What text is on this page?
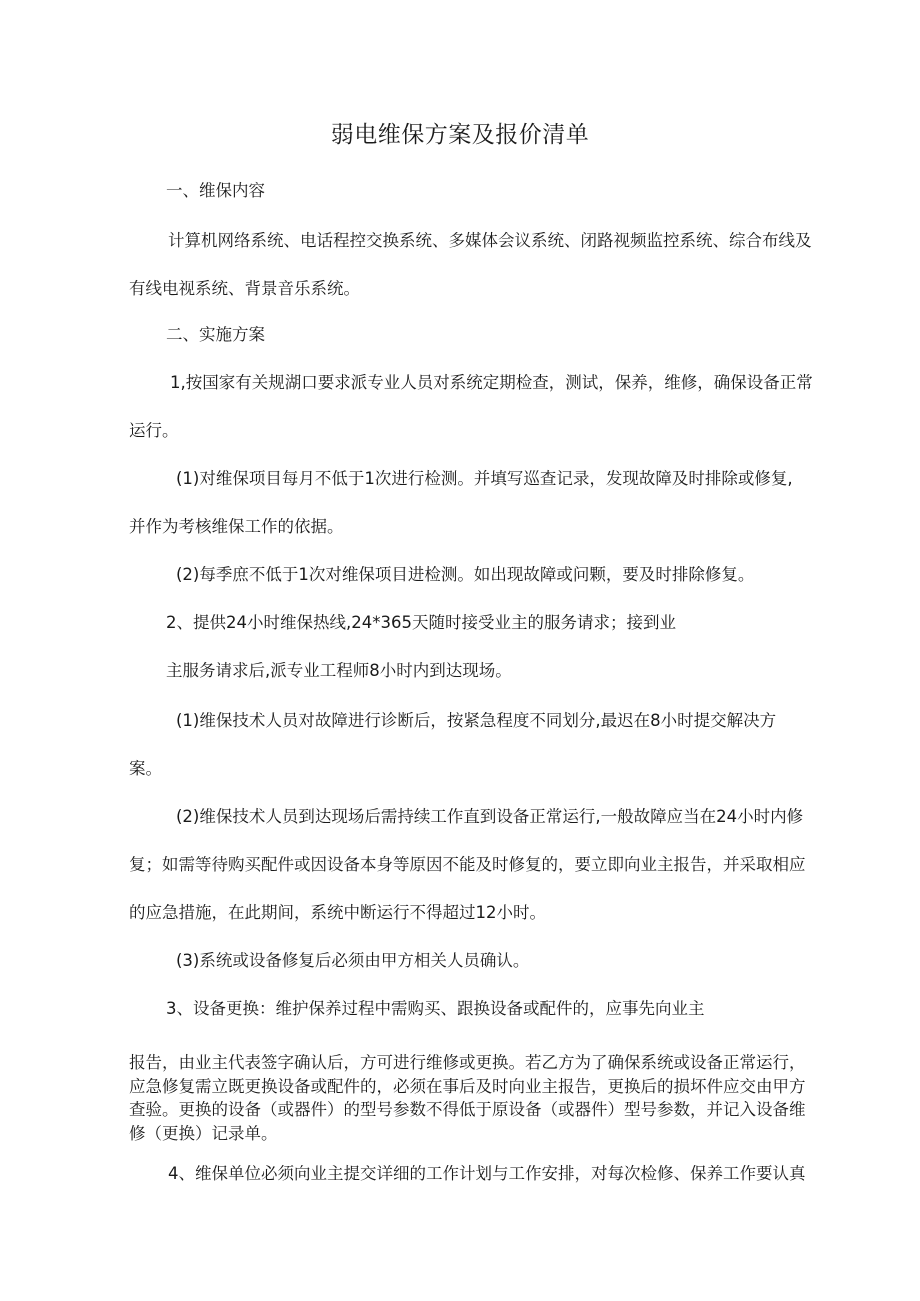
弱电维保方案及报价清单

一、维保内容

计算机网络系统、电话程控交换系统、多媒体会议系统、闭路视频监控系统、综合布线及

有线电视系统、背景音乐系统。

二、实施方案

1,按国家有关规湖口要求派专业人员对系统定期检查，测试，保养，维修，确保设备正常

运行。

(1)对维保项目每月不低于1次进行检测。并填写巡查记录，发现故障及时排除或修复,

并作为考核维保工作的依据。

(2)每季庶不低于1次对维保项目进检测。如出现故障或问颗，要及时排除修复。

2、提供24小时维保热线,24*365天随时接受业主的服务请求；接到业

主服务请求后,派专业工程师8小时内到达现场。

(1)维保技术人员对故障进行诊断后，按紧急程度不同划分,最迟在8小时提交解决方

案。

(2)维保技术人员到达现场后需持续工作直到设备正常运行,一般故障应当在24小时内修

复；如需等待购买配件或因设备本身等原因不能及时修复的，要立即向业主报告，并采取相应

的应急措施，在此期间，系统中断运行不得超过12小时。

(3)系统或设备修复后必须由甲方相关人员确认。

3、设备更换：维护保养过程中需购买、跟换设备或配件的，应事先向业主

报告，由业主代表签字确认后，方可进行维修或更换。若乙方为了确保系统或设备正常运行，
应急修复需立既更换设备或配件的，必须在事后及时向业主报告，更换后的损坏件应交由甲方
查验。更换的设备（或器件）的型号参数不得低于原设备（或器件）型号参数，并记入设备维
修（更换）记录单。

4、维保单位必须向业主提交详细的工作计划与工作安排，对每次检修、保养工作要认真
